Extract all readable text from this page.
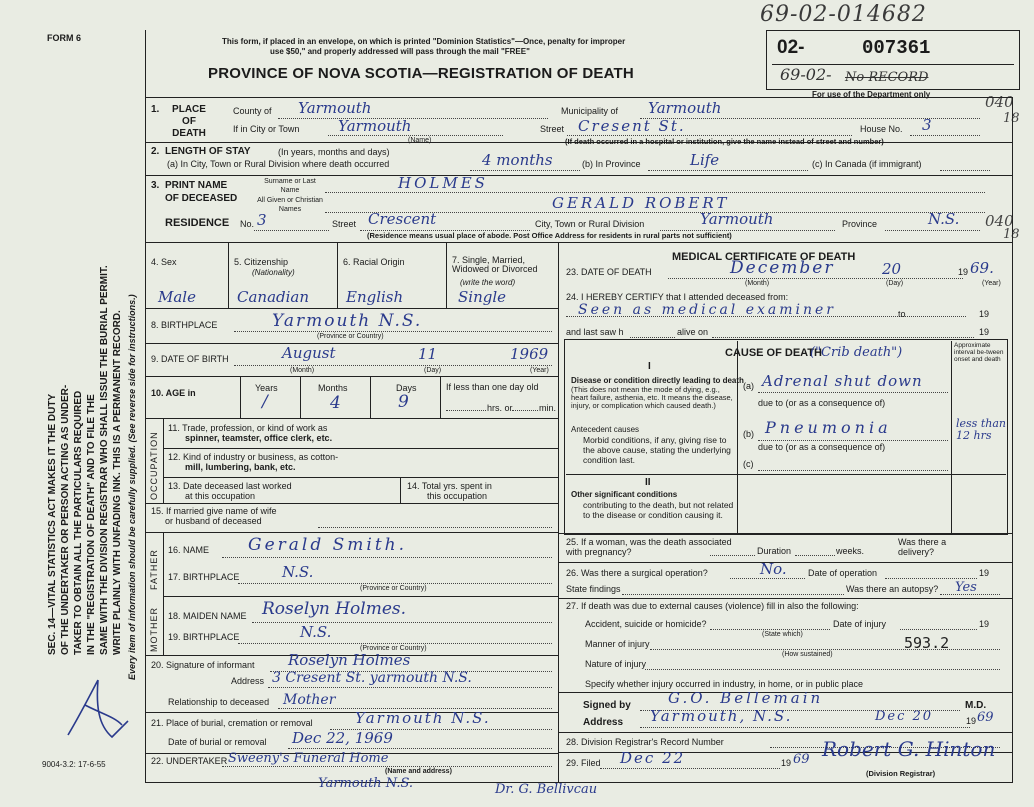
FORM 6
69-02-014682
This form, if placed in an envelope, on which is printed "Dominion Statistics"—Once, penalty for improper
use $50," and properly addressed will pass through the mail "FREE"
PROVINCE OF NOVA SCOTIA—REGISTRATION OF DEATH
02-	007361
69-02- No RECORD
For use of the Department only	040
18
040
18
SEC. 14—VITAL STATISTICS ACT MAKES IT THE DUTY OF THE UNDERTAKER OR PERSON ACTING AS UNDER- TAKER TO OBTAIN ALL THE PARTICULARS REQUIRED IN THE "REGISTRATION OF DEATH" AND TO FILE THE SAME WITH THE DIVISION REGISTRAR WHO SHALL ISSUE THE BURIAL PERMIT. WRITE PLAINLY WITH UNFADING INK. THIS IS A PERMANENT RECORD. Every item of information should be carefully supplied. (See reverse side for instructions.)
9004-3.2: 17-6-55
1.	PLACE OF DEATH
County of Yarmouth	Municipality of Yarmouth
If in City or Town	Yarmouth
(Name)
Street Cresent St.	House No. 3
(If death occurred in a hospital or institution, give the name instead of street and number)
2. LENGTH OF STAY	(In years, months and days)
(a) In City, Town or Rural Division where death occurred	4 months	(b) In Province	Life	(c) In Canada (if immigrant)
3. PRINT NAME
OF DECEASED
Surname or Last Name	HOLMES
All Given or Christian Names	GERALD ROBERT
RESIDENCE No. 3	Street Crescent	City, Town or Rural Division	Yarmouth	Province	N.S.
(Residence means usual place of abode. Post Office Address for residents in rural parts not sufficient)
4. Sex	5. Citizenship
(Nationality)
6. Racial Origin	7. Single, Married, Widowed or Divorced
(write the word)
Male	Canadian English	Single
8. BIRTHPLACE	Yarmouth N.S.
(Province or Country)
9. DATE OF BIRTH	August	11	1969
(Month)	(Day)	(Year)
10. AGE in	Years	Months	Days
/	4	9
If less than one day old
hrs. or	min.
OCCUPATION
11. Trade, profession, or kind of work as
spinner, teamster, office clerk, etc.
12. Kind of industry or business, as cotton-
mill, lumbering, bank, etc.
13. Date deceased last worked
at this occupation
14. Total yrs. spent in
this occupation
15. If married give name of wife
or husband of deceased
FATHER
MOTHER
16. NAME Gerald Smith.
17. BIRTHPLACE	N.S.
(Province or Country)
18. MAIDEN NAME Roselyn Holmes.
19. BIRTHPLACE	N.S.
(Province or Country)
20. Signature of informant Roselyn Holmes
Address 3 Cresent St. yarmouth N.S.
Relationship to deceased Mother
21. Place of burial, cremation or removal	Yarmouth N.S.
Date of burial or removal Dec 22, 1969
22. UNDERTAKER Sweeny's Funeral Home
(Name and address)
Yarmouth N.S.	Dr. G. Bellivcau
MEDICAL CERTIFICATE OF DEATH
23. DATE OF DEATH	December	20	19 69.
(Month)	(Day)	(Year)
24. I HEREBY CERTIFY that I attended deceased from:
Seen as medical examiner	to	19
and last saw h	alive on	19
CAUSE OF DEATH
("Crib death")	Approximate interval be-tween onset and death
I
Disease or condition directly leading to death
(This does not mean the mode of dying, e.g., heart failure, asthenia, etc. It means the disease, injury, or complication which caused death.)
(a) Adrenal shut down
due to (or as a consequence of)
Antecedent causes
Morbid conditions, if any, giving rise to the above cause, stating the underlying condition last.
(b) Pneumonia	less than 12 hrs
due to (or as a consequence of)
(c)
II
Other significant conditions
contributing to the death, but not related to the disease or condition causing it.
25. If a woman, was the death associated with pregnancy?	Duration	weeks.
Was there a delivery?
26. Was there a surgical operation?	No. Date of operation	19
State findings	Was there an autopsy? Yes
27. If death was due to external causes (violence) fill in also the following:
Accident, suicide or homicide?	Date of injury	19
(State which)
Manner of injury	593.2
(How sustained)
Nature of injury
Specify whether injury occurred in industry, in home, or in public place
Signed by G.O. Bellemain	M.D.
Address Yarmouth, N.S.	Dec 20	19 69
28. Division Registrar's Record Number
29. Filed Dec 22	19 69 Robert G. Hinton
(Division Registrar)
